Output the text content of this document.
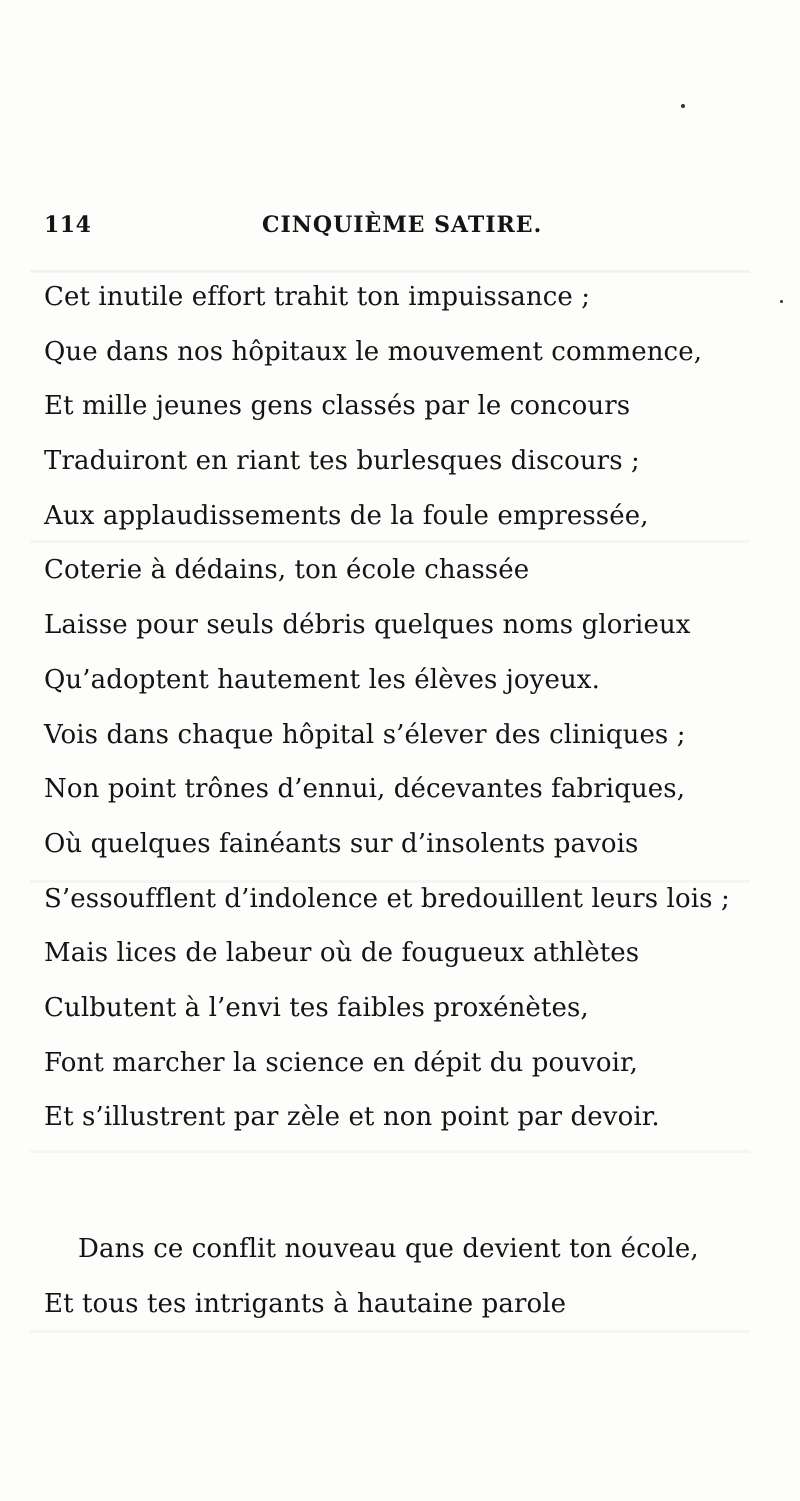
114	CINQUIÈME SATIRE.
Cet inutile effort trahit ton impuissance ;
Que dans nos hôpitaux le mouvement commence,
Et mille jeunes gens classés par le concours
Traduiront en riant tes burlesques discours ;
Aux applaudissements de la foule empressée,
Coterie à dédains, ton école chassée
Laisse pour seuls débris quelques noms glorieux
Qu’adoptent hautement les élèves joyeux.
Vois dans chaque hôpital s’élever des cliniques ;
Non point trônes d’ennui, décevantes fabriques,
Où quelques fainéants sur d’insolents pavois
S’essoufflent d’indolence et bredouillent leurs lois ;
Mais lices de labeur où de fougueux athlètes
Culbutent à l’envi tes faibles proxénètes,
Font marcher la science en dépit du pouvoir,
Et s’illustrent par zèle et non point par devoir.
Dans ce conflit nouveau que devient ton école,
Et tous tes intrigants à hautaine parole
